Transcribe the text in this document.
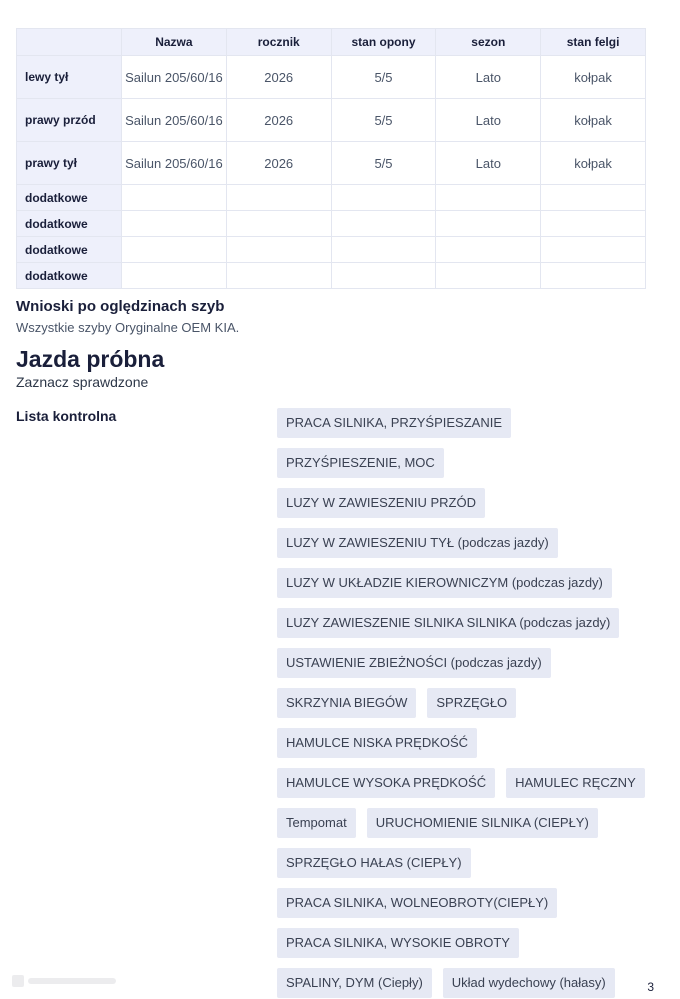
	Nazwa	rocznik	stan opony	sezon	stan felgi
lewy tył	Sailun 205/60/16	2026	5/5	Lato	kołpak
prawy przód	Sailun 205/60/16	2026	5/5	Lato	kołpak
prawy tył	Sailun 205/60/16	2026	5/5	Lato	kołpak
dodatkowe					
dodatkowe					
dodatkowe					
dodatkowe					
Wnioski po oględzinach szyb

Wszystkie szyby Oryginalne OEM KIA.

Jazda próbna

Zaznacz sprawdzone

Lista kontrolna	PRACA SILNIKA, PRZYŚPIESZANIE
PRZYŚPIESZENIE, MOC
LUZY W ZAWIESZENIU PRZÓD
LUZY W ZAWIESZENIU TYŁ (podczas jazdy)
LUZY W UKŁADZIE KIEROWNICZYM (podczas jazdy)
LUZY ZAWIESZENIE SILNIKA SILNIKA (podczas jazdy)
USTAWIENIE ZBIEŻNOŚCI (podczas jazdy)
SKRZYNIA BIEGÓW	SPRZĘGŁO
HAMULCE NISKA PRĘDKOŚĆ
HAMULCE WYSOKA PRĘDKOŚĆ	HAMULEC RĘCZNY
Tempomat	URUCHOMIENIE SILNIKA (CIEPŁY)
SPRZĘGŁO HAŁAS (CIEPŁY)
PRACA SILNIKA, WOLNEOBROTY(CIEPŁY)
PRACA SILNIKA, WYSOKIE OBROTY
SPALINY, DYM (Ciepły)	Układ wydechowy (hałasy)	3
